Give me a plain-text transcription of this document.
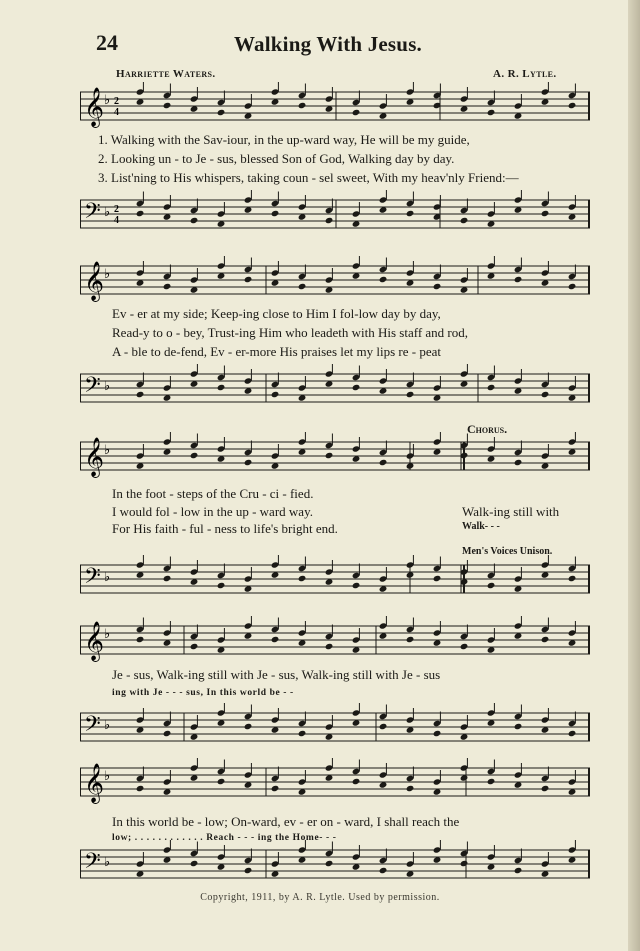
24	Walking With Jesus.
Harriette Waters.	A. R. Lytle.
𝄞 ♭ 2
4
1. Walking with the Sav-iour, in the up-ward way, He will be my guide,
2. Looking un - to Je - sus, blessed Son of God, Walking day by day.
3. List'ning to His whispers, taking coun - sel sweet, With my heav'nly Friend:—
𝄢 ♭ 2
4
𝄞 ♭
Ev - er at my side; Keep-ing close to Him I fol-low day by day,
Read-y to o - bey, Trust-ing Him who leadeth with His staff and rod,
A - ble to de-fend, Ev - er-more His praises let my lips re - peat
𝄢 ♭
Chorus.
𝄞 ♭
In the foot - steps of the Cru - ci - fied.
I would fol - low in the up - ward way.	Walk-ing still with
For His faith - ful - ness to life's bright end.	Walk- - -
Men's Voices Unison.
𝄢 ♭
𝄞 ♭
Je - sus, Walk-ing still with Je - sus, Walk-ing still with Je - sus
ing with Je - - - sus, In this world be - -
𝄢 ♭
𝄞 ♭
In this world be - low; On-ward, ev - er on - ward, I shall reach the
low; . . . . . . . . . . . . Reach - - - ing the Home- - -
𝄢 ♭
Copyright, 1911, by A. R. Lytle. Used by permission.
